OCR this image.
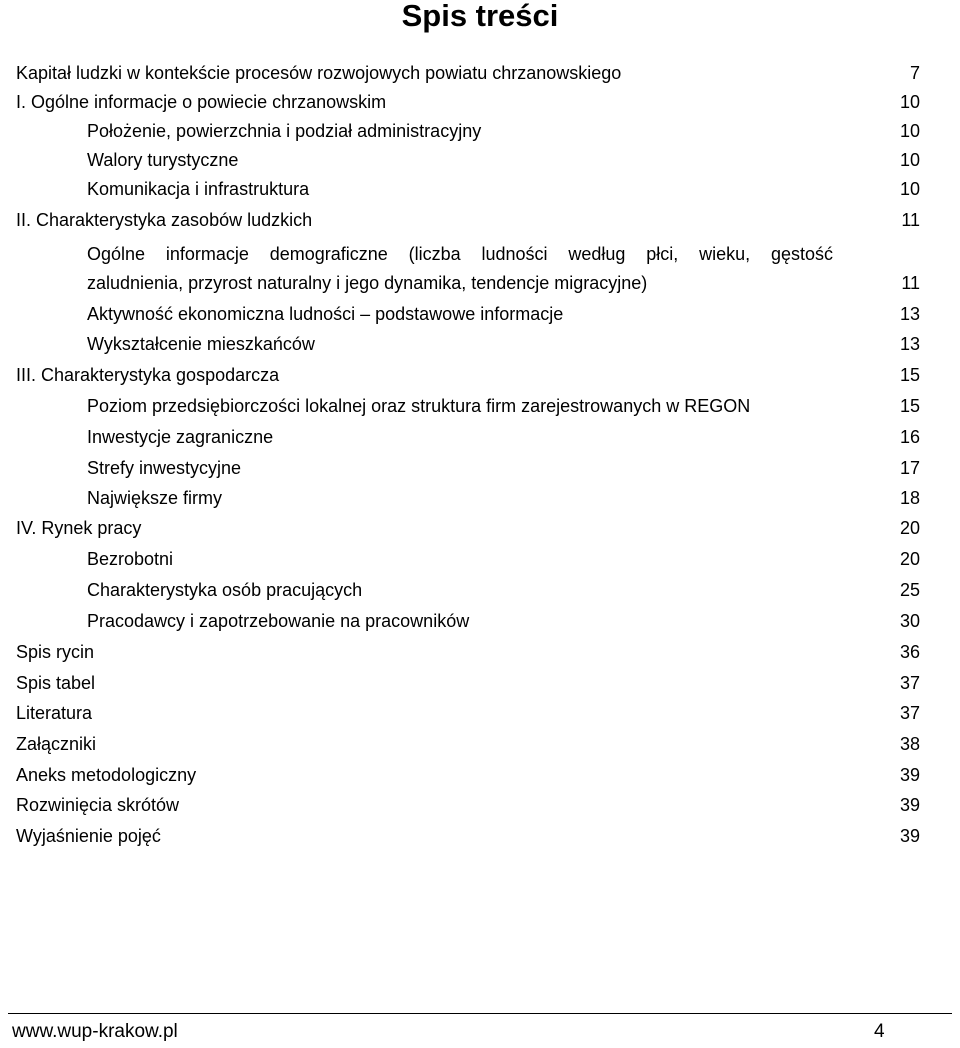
Spis treści
Kapitał ludzki w kontekście procesów rozwojowych powiatu chrzanowskiego	7
I. Ogólne informacje o powiecie chrzanowskim	10
Położenie, powierzchnia i podział administracyjny	10
Walory turystyczne	10
Komunikacja i infrastruktura	10
II. Charakterystyka zasobów ludzkich	11
Ogólne informacje demograficzne (liczba ludności według płci, wieku, gęstość
zaludnienia, przyrost naturalny i jego dynamika, tendencje migracyjne)	11
Aktywność ekonomiczna ludności – podstawowe informacje	13
Wykształcenie mieszkańców	13
III. Charakterystyka gospodarcza	15
Poziom przedsiębiorczości lokalnej oraz struktura firm zarejestrowanych w REGON	15
Inwestycje zagraniczne	16
Strefy inwestycyjne	17
Największe firmy	18
IV. Rynek pracy	20
Bezrobotni	20
Charakterystyka osób pracujących	25
Pracodawcy i zapotrzebowanie na pracowników	30
Spis rycin	36
Spis tabel	37
Literatura	37
Załączniki	38
Aneks metodologiczny	39
Rozwinięcia skrótów	39
Wyjaśnienie pojęć	39
www.wup-krakow.pl	4
